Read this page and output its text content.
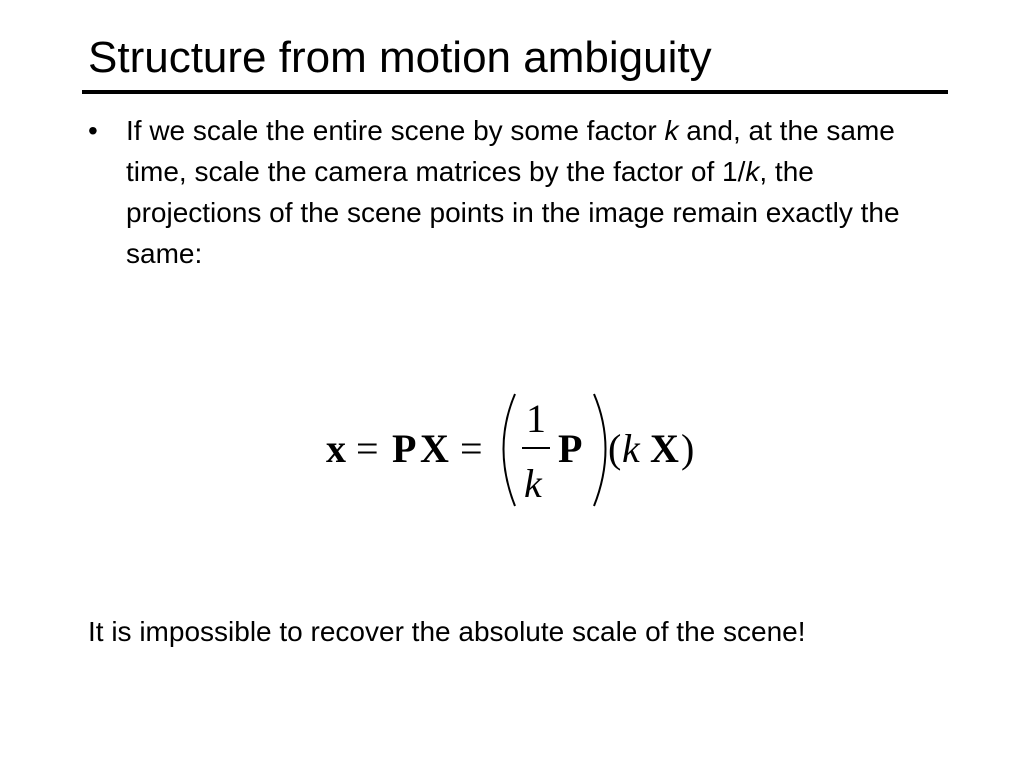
Structure from motion ambiguity
• If we scale the entire scene by some factor k and, at the same time, scale the camera matrices by the factor of 1/k, the projections of the scene points in the image remain exactly the same:
x = P X =
1
k
P ( k X )

It is impossible to recover the absolute scale of the scene!
